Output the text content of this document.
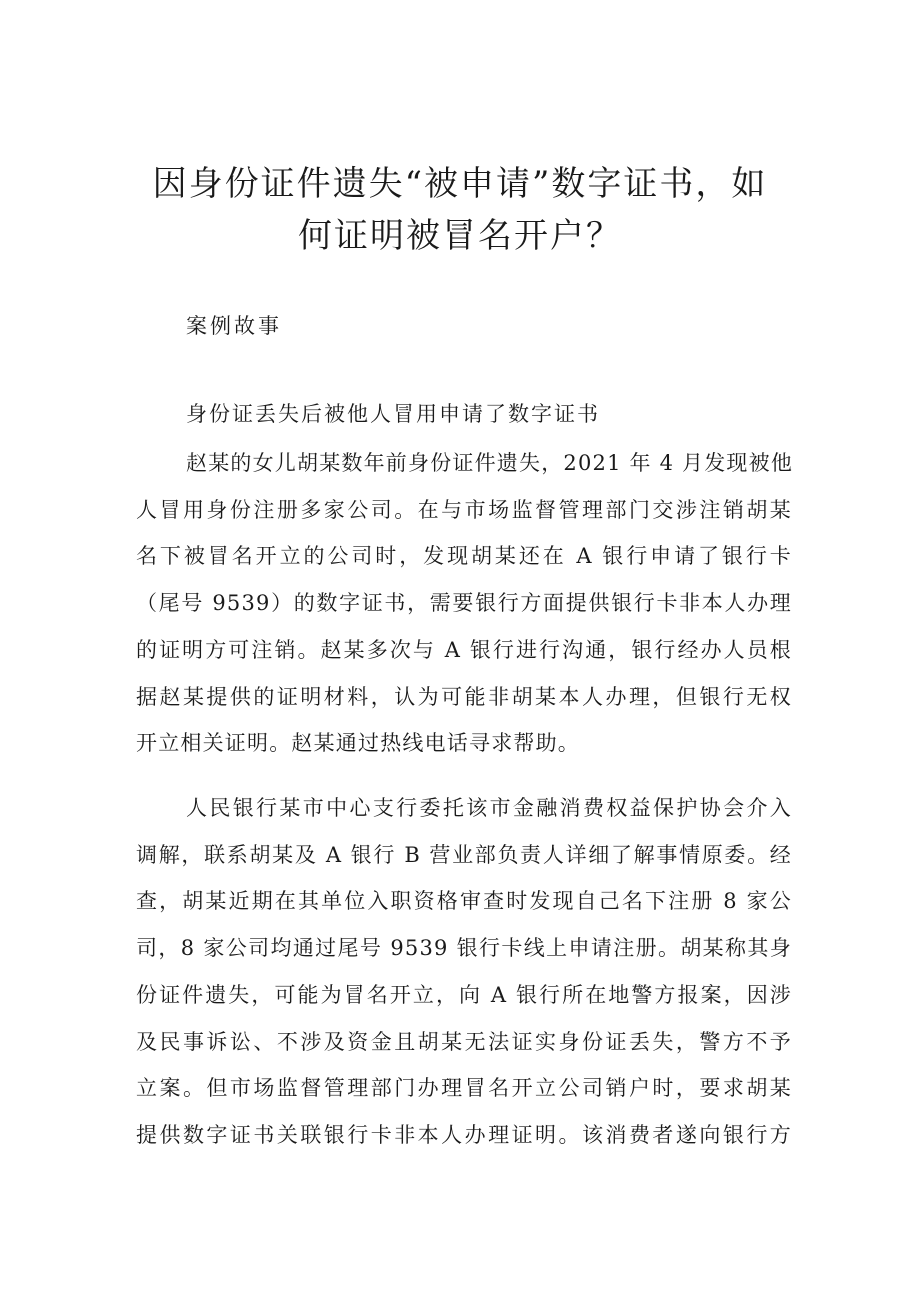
因身份证件遗失“被申请”数字证书，如
何证明被冒名开户？

案例故事

身份证丢失后被他人冒用申请了数字证书

赵某的女儿胡某数年前身份证件遗失，2021 年 4 月发现被他
人冒用身份注册多家公司。在与市场监督管理部门交涉注销胡某
名下被冒名开立的公司时，发现胡某还在 A 银行申请了银行卡
（尾号 9539）的数字证书，需要银行方面提供银行卡非本人办理
的证明方可注销。赵某多次与 A 银行进行沟通，银行经办人员根
据赵某提供的证明材料，认为可能非胡某本人办理，但银行无权
开立相关证明。赵某通过热线电话寻求帮助。
人民银行某市中心支行委托该市金融消费权益保护协会介入
调解，联系胡某及 A 银行 B 营业部负责人详细了解事情原委。经
查，胡某近期在其单位入职资格审查时发现自己名下注册 8 家公
司，8 家公司均通过尾号 9539 银行卡线上申请注册。胡某称其身
份证件遗失，可能为冒名开立，向 A 银行所在地警方报案，因涉
及民事诉讼、不涉及资金且胡某无法证实身份证丢失，警方不予
立案。但市场监督管理部门办理冒名开立公司销户时，要求胡某
提供数字证书关联银行卡非本人办理证明。该消费者遂向银行方
